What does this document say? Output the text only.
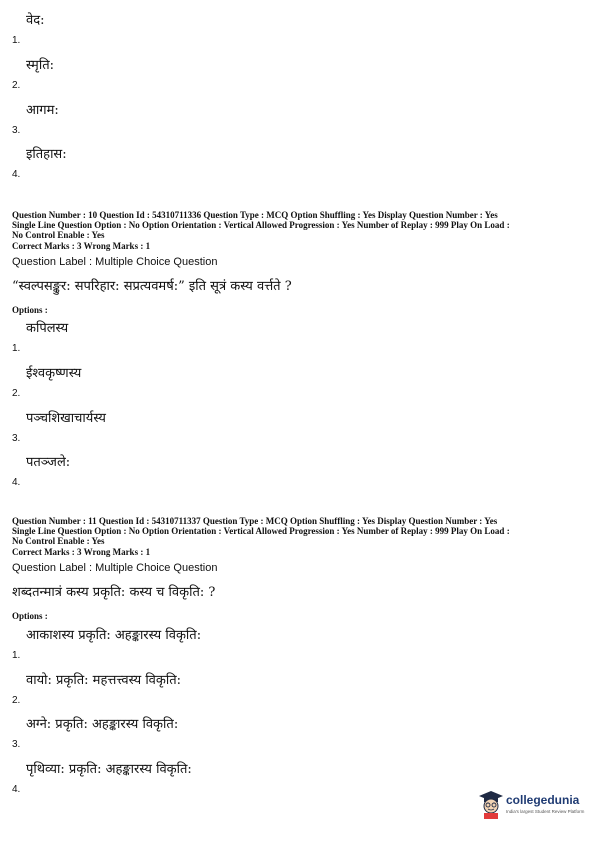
वेद:
1.
स्मृति:
2.
आगम:
3.
इतिहास:
4.
Question Number : 10 Question Id : 54310711336 Question Type : MCQ Option Shuffling : Yes Display Question Number : Yes
Single Line Question Option : No Option Orientation : Vertical Allowed Progression : Yes Number of Replay : 999 Play On Load :
No Control Enable : Yes
Correct Marks : 3 Wrong Marks : 1
Question Label : Multiple Choice Question
“स्वल्पसङ्कुर: सपरिहार: सप्रत्यवमर्ष:” इति सूत्रं कस्य वर्त्तते ?
Options :
कपिलस्य
1.
ईश्वकृष्णस्य
2.
पञ्चशिखाचार्यस्य
3.
पतञ्जले:
4.
Question Number : 11 Question Id : 54310711337 Question Type : MCQ Option Shuffling : Yes Display Question Number : Yes
Single Line Question Option : No Option Orientation : Vertical Allowed Progression : Yes Number of Replay : 999 Play On Load :
No Control Enable : Yes
Correct Marks : 3 Wrong Marks : 1
Question Label : Multiple Choice Question
शब्दतन्मात्रं कस्य प्रकृति: कस्य च विकृति: ?
Options :
आकाशस्य प्रकृति: अहङ्कारस्य विकृति:
1.
वायो: प्रकृति: महत्तत्त्वस्य विकृति:
2.
अग्ने: प्रकृति: अहङ्कारस्य विकृति:
3.
पृथिव्या: प्रकृति: अहङ्कारस्य विकृति:
4.
collegedunia
India's largest Student Review Platform
